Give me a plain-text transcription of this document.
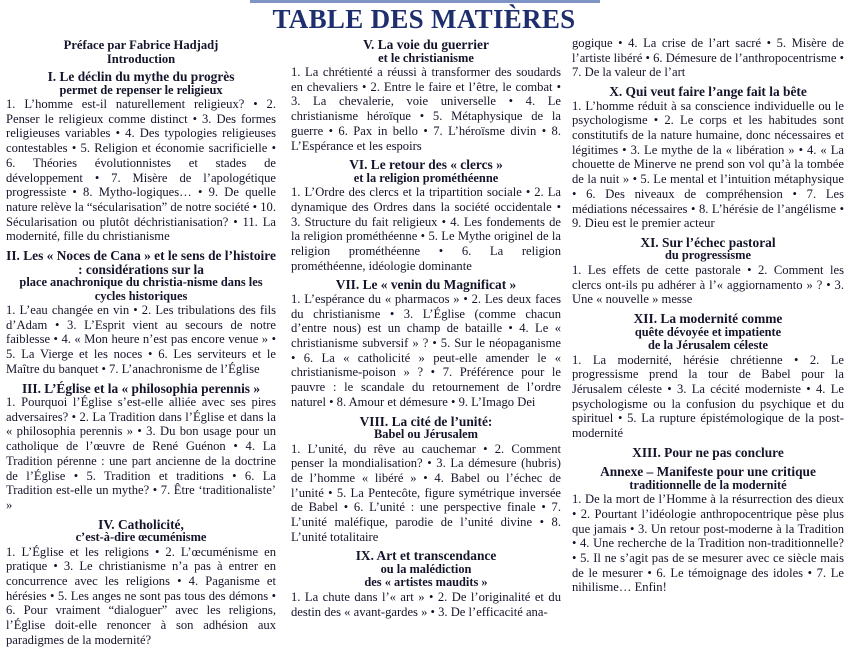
TABLE DES MATIÈRES
Préface par Fabrice Hadjadj
Introduction
I. Le déclin du mythe du progrès
permet de repenser le religieux
1. L’homme est-il naturellement religieux? • 2. Penser le religieux comme distinct • 3. Des formes religieuses variables • 4. Des typologies religieuses contestables • 5. Religion et économie sacrificielle • 6. Théories évolutionnistes et stades de développement • 7. Misère de l’apologétique progressiste • 8. Mytho-logiques… • 9. De quelle nature relève la “sécularisation” de notre société • 10. Sécularisation ou plutôt déchristianisation? • 11. La modernité, fille du christianisme
II. Les « Noces de Cana » et le sens de l’histoire : considérations sur la
place anachronique du christia-nisme dans les cycles historiques
1. L’eau changée en vin • 2. Les tribulations des fils d’Adam • 3. L’Esprit vient au secours de notre faiblesse • 4. « Mon heure n’est pas encore venue » • 5. La Vierge et les noces • 6. Les serviteurs et le Maître du banquet • 7. L’anachronisme de l’Église
III. L’Église et la « philosophia perennis »
1. Pourquoi l’Église s’est-elle alliée avec ses pires adversaires? • 2. La Tradition dans l’Église et dans la « philosophia perennis » • 3. Du bon usage pour un catholique de l’œuvre de René Guénon • 4. La Tradition pérenne : une part ancienne de la doctrine de l’Église • 5. Tradition et traditions • 6. La Tradition est-elle un mythe? • 7. Être ‘traditionaliste’ »
IV. Catholicité,
c’est-à-dire œcuménisme
1. L’Église et les religions • 2. L’œcuménisme en pratique • 3. Le christianisme n’a pas à entrer en concurrence avec les religions • 4. Paganisme et hérésies • 5. Les anges ne sont pas tous des démons • 6. Pour vraiment “dialoguer” avec les religions, l’Église doit-elle renoncer à son adhésion aux paradigmes de la modernité?
V. La voie du guerrier
et le christianisme
1. La chrétienté a réussi à transformer des soudards en chevaliers • 2. Entre le faire et l’être, le combat • 3. La chevalerie, voie universelle • 4. Le christianisme héroïque • 5. Métaphysique de la guerre • 6. Pax in bello • 7. L’héroïsme divin • 8. L’Espérance et les espoirs
VI. Le retour des « clercs »
et la religion prométhéenne
1. L’Ordre des clercs et la tripartition sociale • 2. La dynamique des Ordres dans la société occidentale • 3. Structure du fait religieux • 4. Les fondements de la religion prométhéenne • 5. Le Mythe originel de la religion prométhéenne • 6. La religion prométhéenne, idéologie dominante
VII. Le « venin du Magnificat »
1. L’espérance du « pharmacos » • 2. Les deux faces du christianisme • 3. L’Église (comme chacun d’entre nous) est un champ de bataille • 4. Le « christianisme subversif » ? • 5. Sur le néopaganisme • 6. La « catholicité » peut-elle amender le « christianisme-poison » ? • 7. Préférence pour le pauvre : le scandale du retournement de l’ordre naturel • 8. Amour et démesure • 9. L’Imago Dei
VIII. La cité de l’unité:
Babel ou Jérusalem
1. L’unité, du rêve au cauchemar • 2. Comment penser la mondialisation? • 3. La démesure (hubris) de l’homme « libéré » • 4. Babel ou l’échec de l’unité • 5. La Pentecôte, figure symétrique inversée de Babel • 6. L’unité : une perspective finale • 7. L’unité maléfique, parodie de l’unité divine • 8. L’unité totalitaire
IX. Art et transcendance
ou la malédiction
des « artistes maudits »
1. La chute dans l’« art » • 2. De l’originalité et du destin des « avant-gardes » • 3. De l’efficacité ana-
gogique • 4. La crise de l’art sacré • 5. Misère de l’artiste libéré • 6. Démesure de l’anthropocentrisme • 7. De la valeur de l’art
X. Qui veut faire l’ange fait la bête
1. L’homme réduit à sa conscience individuelle ou le psychologisme • 2. Le corps et les habitudes sont constitutifs de la nature humaine, donc nécessaires et légitimes • 3. Le mythe de la « libération » • 4. « La chouette de Minerve ne prend son vol qu’à la tombée de la nuit » • 5. Le mental et l’intuition métaphysique • 6. Des niveaux de compréhension • 7. Les médiations nécessaires • 8. L’hérésie de l’angélisme • 9. Dieu est le premier acteur
XI. Sur l’échec pastoral
du progressisme
1. Les effets de cette pastorale • 2. Comment les clercs ont-ils pu adhérer à l’« aggiornamento » ? • 3. Une « nouvelle » messe
XII. La modernité comme
quête dévoyée et impatiente
de la Jérusalem céleste
1. La modernité, hérésie chrétienne • 2. Le progressisme prend la tour de Babel pour la Jérusalem céleste • 3. La cécité moderniste • 4. Le psychologisme ou la confusion du psychique et du spirituel • 5. La rupture épistémologique de la post-modernité
XIII. Pour ne pas conclure
Annexe – Manifeste pour une critique
traditionnelle de la modernité
1. De la mort de l’Homme à la résurrection des dieux • 2. Pourtant l’idéologie anthropocentrique pèse plus que jamais • 3. Un retour post-moderne à la Tradition • 4. Une recherche de la Tradition non-traditionnelle? • 5. Il ne s’agit pas de se mesurer avec ce siècle mais de le mesurer • 6. Le témoignage des idoles • 7. Le nihilisme… Enfin!
